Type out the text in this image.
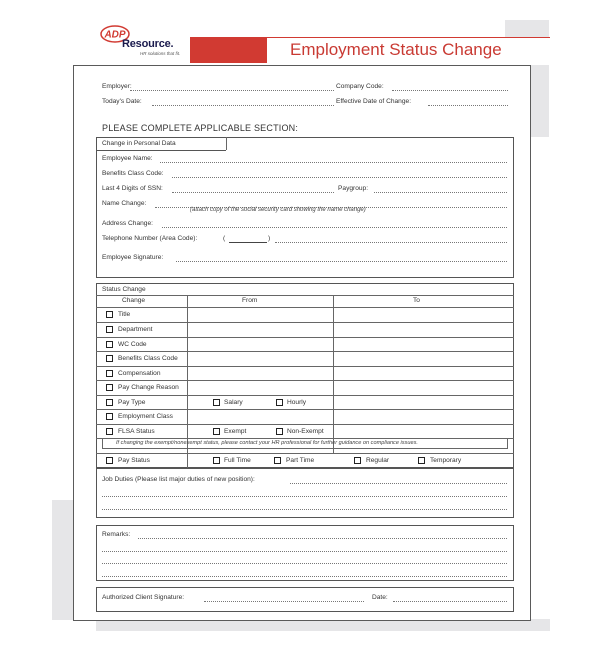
ADP
Resource.
HR solutions that fit.	Employment Status Change
Employer:	Company Code:
Today's Date:	Effective Date of Change:
PLEASE COMPLETE APPLICABLE SECTION:
Change in Personal Data
Employee Name:
Benefits Class Code:
Last 4 Digits of SSN:	Paygroup:
Name Change:
(attach copy of the social security card showing the name change)
Address Change:
Telephone Number (Area Code):	(	)
Employee Signature:
Status Change
Change	From	To
Title
Department
WC Code
Benefits Class Code
Compensation
Pay Change Reason
Pay Type	Salary	Hourly
Employment Class
FLSA Status	Exempt	Non-Exempt
If changing the exempt/nonexempt status, please contact your HR professional for further guidance on compliance issues.
Pay Status	Full Time	Part Time	Regular	Temporary
Job Duties (Please list major duties of new position):
Remarks:
Authorized Client Signature:	Date:
